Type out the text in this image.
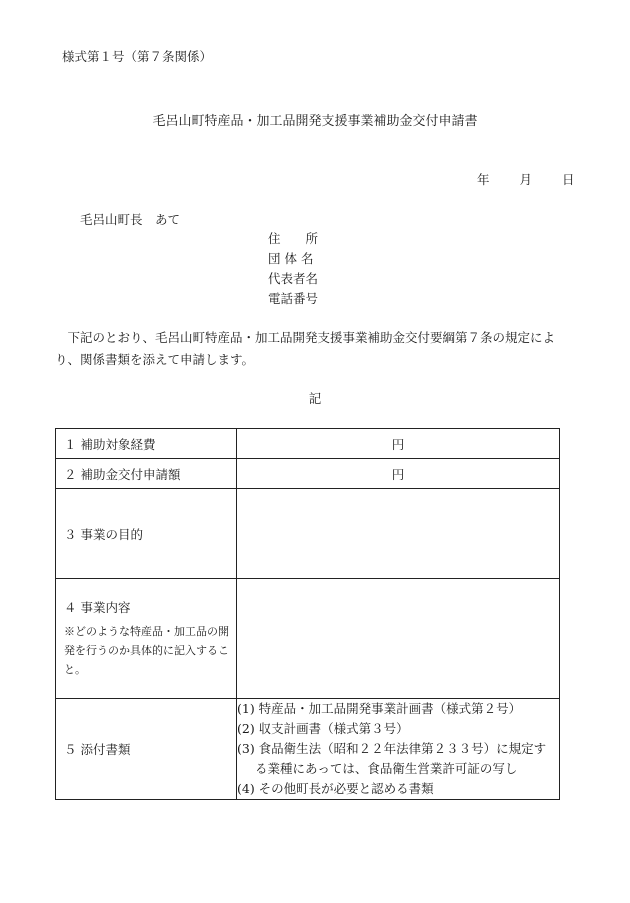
様式第１号（第７条関係）
毛呂山町特産品・加工品開発支援事業補助金交付申請書
年 月 日
毛呂山町長　あて
住　　所
団 体 名
代表者名
電話番号
下記のとおり、毛呂山町特産品・加工品開発支援事業補助金交付要綱第７条の規定により、関係書類を添えて申請します。
記
１ 補助対象経費	円
２ 補助金交付申請額	円
３ 事業の目的	

４ 事業内容
※どのような特産品・加工品の開発を行うのか具体的に記入すること。	

５ 添付書類	(1) 特産品・加工品開発事業計画書（様式第２号）
(2) 収支計画書（様式第３号）
(3) 食品衛生法（昭和２２年法律第２３３号）に規定す
る業種にあっては、食品衛生営業許可証の写し
(4) その他町長が必要と認める書類
